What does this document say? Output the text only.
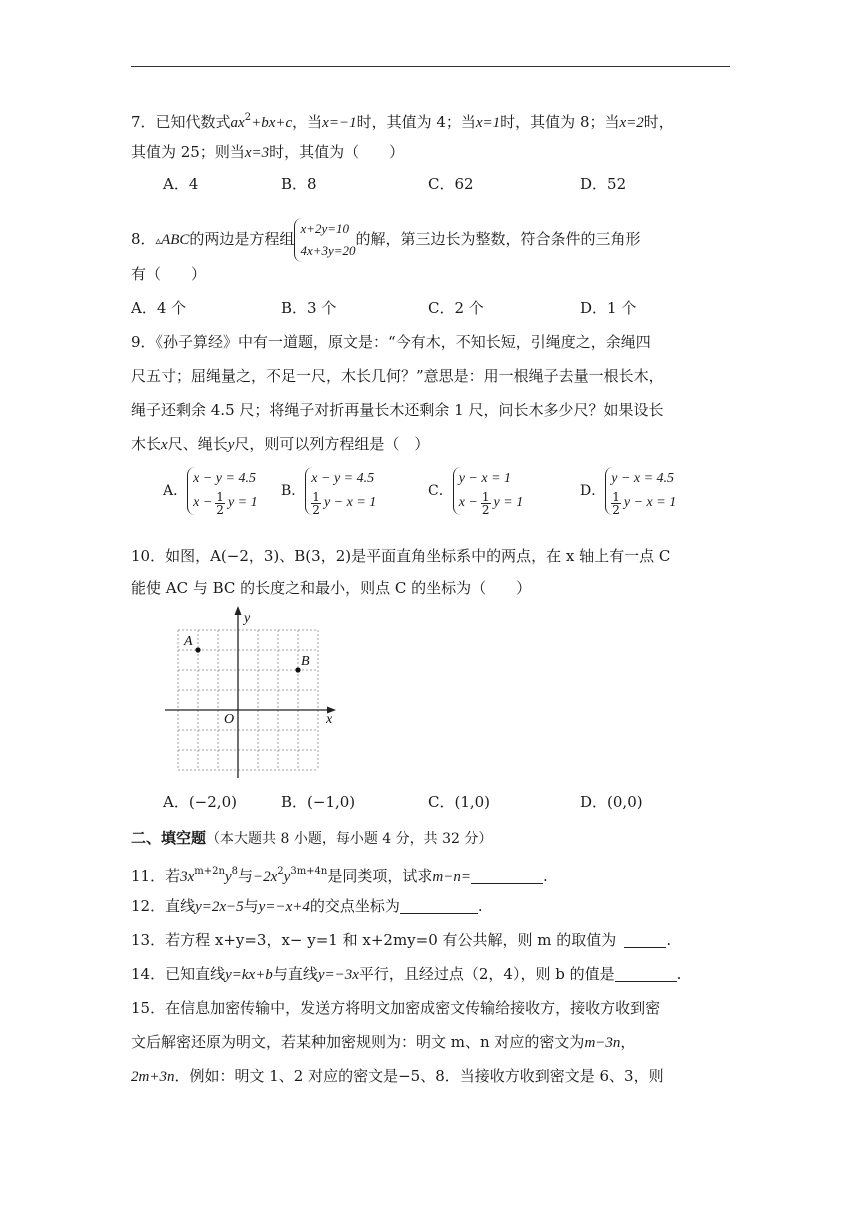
7．已知代数式$ax^2+bx+c$，当x=−1时，其值为 4；当x=1时，其值为 8；当x=2时，
其值为 25；则当x=3时，其值为（　　）
A．4	B．8	C．62	D．52
8．▵ABC的两边是方程组
x+2y=10
4x+3y=20
的解，第三边长为整数，符合条件的三角形
有（　　）
A．4 个	B．3 个	C．2 个	D．1 个
9．《孙子算经》中有一道题，原文是：“今有木，不知长短，引绳度之，余绳四
尺五寸；屈绳量之，不足一尺，木长几何？”意思是：用一根绳子去量一根长木，
绳子还剩余 4.5 尺；将绳子对折再量长木还剩余 1 尺，问长木多少尺？如果设长
木长x尺、绳长y尺，则可以列方程组是（　）
A．
x − y = 4.5
$x - \frac{1}{2}$ y = 1
B．
x − y = 4.5
$\frac{1}{2}$ y − x = 1
C．
y − x = 1
$x - \frac{1}{2}$ y = 1
D．
y − x = 4.5
$\frac{1}{2}$ y − x = 1
10．如图，A(−2，3)、B(3，2)是平面直角坐标系中的两点，在 x 轴上有一点 C
能使 AC 与 BC 的长度之和最小，则点 C 的坐标为（　　）
A
B
O	x
y
A．(−2,0)	B．(−1,0)	C．(1,0)	D．(0,0)
二、填空题（本大题共 8 小题，每小题 4 分，共 32 分）
11．若$3x^{m+2n}y^8$与$-2x^2y^{3m+4n}$是同类项，试求m−n=	.
12．直线y=2x−5与y=−x+4的交点坐标为	.
13．若方程 x+y=3，x− y=1 和 x+2my=0 有公共解，则 m 的取值为	.
14．已知直线y=kx+b与直线y=−3x平行，且经过点（2，4），则 b 的值是	.
15．在信息加密传输中，发送方将明文加密成密文传输给接收方，接收方收到密
文后解密还原为明文，若某种加密规则为：明文 m、n 对应的密文为m−3n，
2m+3n．例如：明文 1、2 对应的密文是−5、8．当接收方收到密文是 6、3，则
